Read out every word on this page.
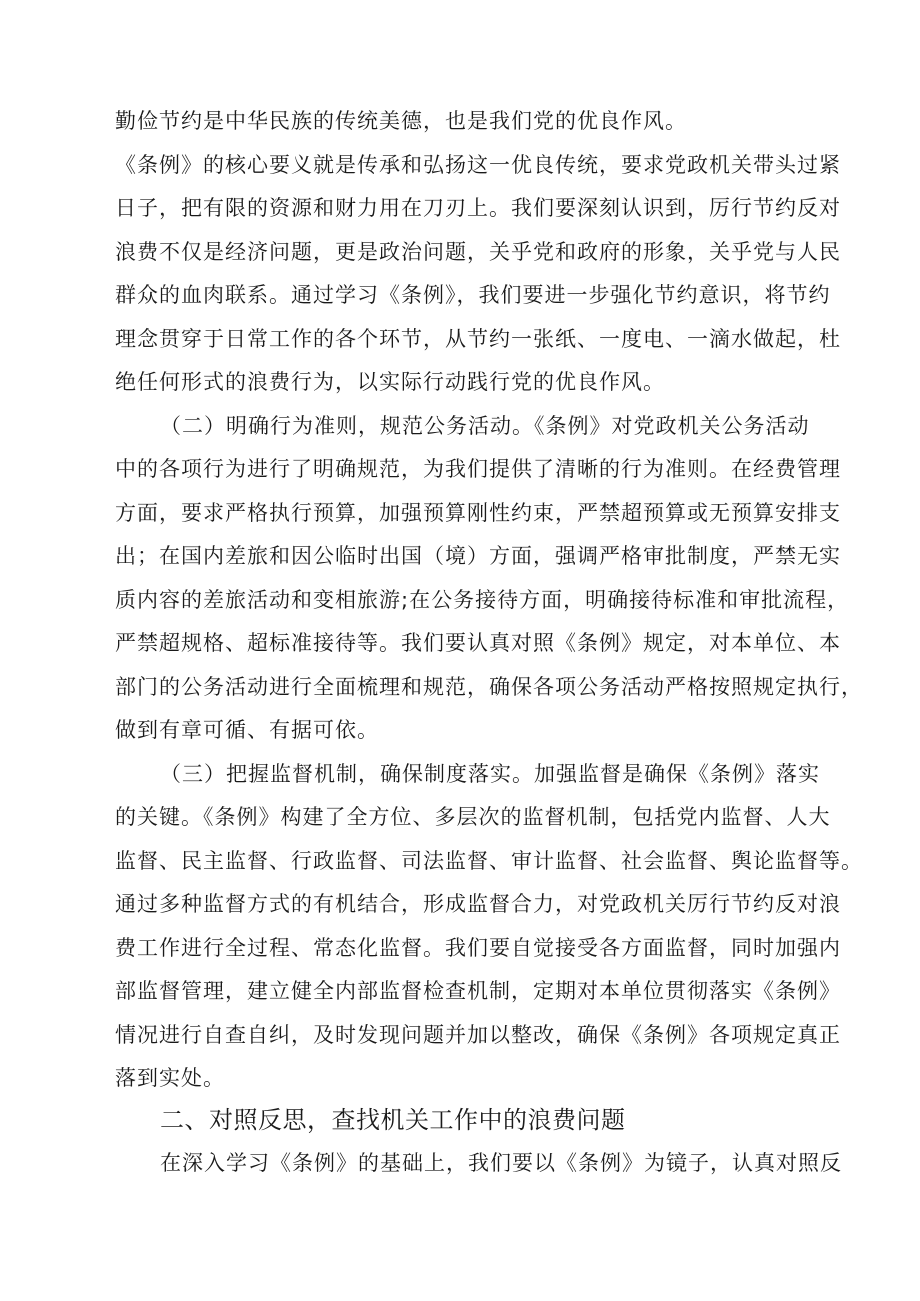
勤俭节约是中华民族的传统美德，也是我们党的优良作风。
《条例》的核心要义就是传承和弘扬这一优良传统，要求党政机关带头过紧
日子，把有限的资源和财力用在刀刃上。我们要深刻认识到，厉行节约反对
浪费不仅是经济问题，更是政治问题，关乎党和政府的形象，关乎党与人民
群众的血肉联系。通过学习《条例》，我们要进一步强化节约意识，将节约
理念贯穿于日常工作的各个环节，从节约一张纸、一度电、一滴水做起，杜
绝任何形式的浪费行为，以实际行动践行党的优良作风。
（二）明确行为准则，规范公务活动。《条例》对党政机关公务活动
中的各项行为进行了明确规范，为我们提供了清晰的行为准则。在经费管理
方面，要求严格执行预算，加强预算刚性约束，严禁超预算或无预算安排支
出；在国内差旅和因公临时出国（境）方面，强调严格审批制度，严禁无实
质内容的差旅活动和变相旅游;在公务接待方面，明确接待标准和审批流程，
严禁超规格、超标准接待等。我们要认真对照《条例》规定，对本单位、本
部门的公务活动进行全面梳理和规范，确保各项公务活动严格按照规定执行，
做到有章可循、有据可依。
（三）把握监督机制，确保制度落实。加强监督是确保《条例》落实
的关键。《条例》构建了全方位、多层次的监督机制，包括党内监督、人大
监督、民主监督、行政监督、司法监督、审计监督、社会监督、舆论监督等。
通过多种监督方式的有机结合，形成监督合力，对党政机关厉行节约反对浪
费工作进行全过程、常态化监督。我们要自觉接受各方面监督，同时加强内
部监督管理，建立健全内部监督检查机制，定期对本单位贯彻落实《条例》
情况进行自查自纠，及时发现问题并加以整改，确保《条例》各项规定真正
落到实处。
二、对照反思，查找机关工作中的浪费问题
在深入学习《条例》的基础上，我们要以《条例》为镜子，认真对照反
